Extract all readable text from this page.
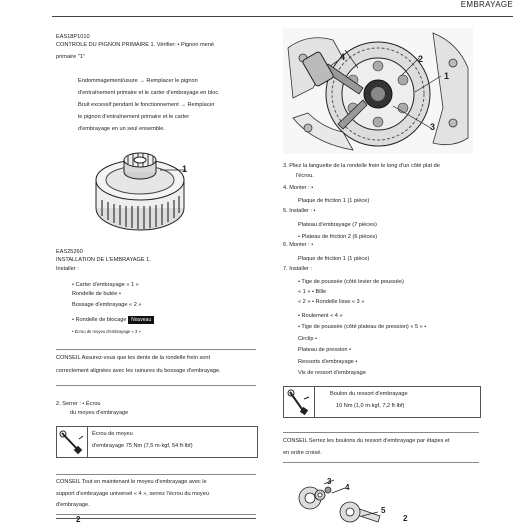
EMBRAYAGE
EAS18P1010
CONTROLE DU PIGNON PRIMAIRE 1. Vérifier: • Pignon mené
primaire "1"
Endommagement/usure → Remplacer le pignon
d'entraînement primaire et le carter d'embrayage en bloc.
Bruit excessif pendant le fonctionnement → Remplacer
le pignon d'entraînement primaire et le carter
d'embrayage en un seul ensemble.
1
EAS25260
INSTALLATION DE L'EMBRAYAGE 1.
Installer :
• Carter d'embrayage « 1 »
Rondelle de butée •
Bossage d'embrayage « 2 »
• Rondelle de blocage Nouveau
• Écrou de moyeu d'embrayage « 3 »
CONSEIL Assurez-vous que les dents de la rondelle frein sont
correctement alignées avec les rainures du bossage d'embrayage.
2. Serrer : • Écrou
du moyeu d'embrayage
Écrou de moyeu
d'embrayage 75 Nm (7,5 m·kgf, 54 ft·lbf)
CONSEIL Tout en maintenant le moyeu d'embrayage avec le
support d'embrayage universel « 4 », serrez l'écrou du moyeu
d'embrayage.
2
4	2
1
3
3. Pliez la languette de la rondelle frein le long d'un côté plat de
l'écrou.
4. Monter : •
Plaque de friction 1 (1 pièce)
5. Installer : •
Plateau d'embrayage (7 pièces)
• Plateau de friction 2 (6 pièces)
6. Monter : •
Plaque de friction 1 (1 pièce)
7. Installer :
• Tige de poussée (côté levier de poussée)
« 1 » • Bille
« 2 » • Rondelle lisse « 3 »
• Roulement « 4 »
• Tige de poussée (côté plateau de pression) « 5 » •
Circlip •
Plateau de pression •
Ressorts d'embrayage •
Vis de ressort d'embrayage
Boulon du ressort d'embrayage
10 Nm (1,0 m·kgf, 7,2 ft·lbf)
CONSEIL Serrez les boulons du ressort d'embrayage par étapes et
en ordre croisé.
3
4
5
2
